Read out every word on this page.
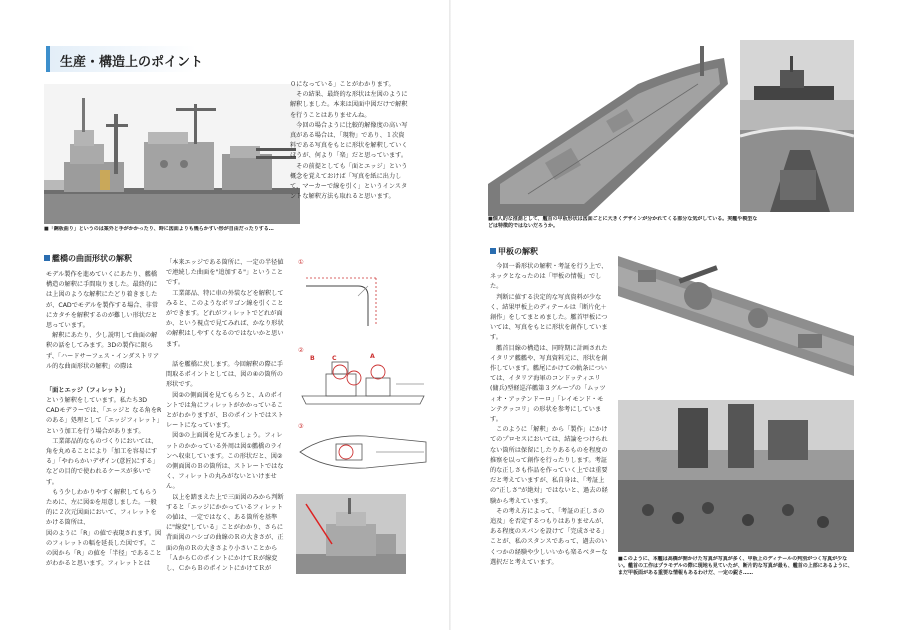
生産・構造上のポイント
■「鋼板曲り」というのは案外と手がかかったり、時に図面よりも幾らかすい形が自由だったりする…
艦橋の曲面形状の解釈
モデル製作を進めていくにあたり、艦橋構造の解釈に手間取りました。最終的には上図のような解釈にたどり着きましたが、CADでモデルを製作する場合、非常にカタチを解釈するのが難しい形状だと思っています。
　解釈にあたり、少し説明して曲面の解釈の話をしてみます。3Dの製作に限らず、「ハードサーフェス・インダストリアル的な曲面形状の解釈」の際は
「面とエッジ（フィレット）」
という解釈をしています。私たち3D CADモデラーでは、「エッジと なる角をRのある」処理として「エッジフィレット」という加工を行う場合があります。
　工業部品的なものづくりにおいては、角を丸めることにより「加工を容易にする」「やわらかいデザイン(意匠)にする」などの目的で使われるケースが多いです。
　もう少しわかりやすく解釈してもらうために、左に図①を用意しました。一般的に２次元図面において、フィレットをかける箇所は、
図のように「R」の値で表現されます。図のフィレットの幅を延長した図です。この図から「R」の値を「半径」であることがわかると思います。フィレットとは
「本来エッジである箇所に、一定の半径値で連続した曲面を"追加する"」ということです。
　工業部品、特に車の外装などを解釈してみると、このようなポリゴン線を引くことができます。どれがフィレットでどれが面か、という視点で見てみれば、かなり形状の解釈はしやすくなるのではないかと思います。

　話を艦橋に戻します。今回解釈の際に手間取るポイントとしては、図の④の箇所の形状です。
　図②の側面図を見てもらうと、Ａのポイントでは角にフィレットがかかっていることがわかりますが、Ｂのポイントではストレートになっています。
　図③の上面図を見てみましょう。フィレットのかかっている外周は図①艦橋のラインへ収束しています。この形状だと、図②の側面図のＢの箇所は、ストレートではなく、フィレットの丸みがないといけません。
　以上を踏まえた上で三面図のみから判断すると「エッジにかかっているフィレットの値は、一定ではなく、ある箇所を基準に"線変"している」ことがわかり、さらに背面図のハシゴの曲線のＲの大きさが、正面の角のＲの大きさより小さいことから
「ＡからＣのポイントにかけてＲが線変し、ＣからＢのポイントにかけてＲが
①
②
B	C	A
③
０になっている」ことがわかります。
　その結果、最終的な形状は左図のように解釈しました。本来は図面中図だけで解釈を行うことはありませんね。
　今回の場合ように比較的解像度の高い写真がある場合は、「現物」であり、１次資料である写真をもとに形状を解釈していくほうが、何より「楽」だと思っています。
　その前提としても「面とエッジ」という概念を覚えておけば「写真を紙に出力して、マーカーで線を引く」というインスタントな解釈方法も取れると思います。
■個人的な推測として、艦首の甲板形状は図面ごとに大きくデザインが分かれてくる部分な気がしている。実艦や模型などは特徴的ではないだろうか。
甲板の解釈
　今回一番形状の解釈・考証を行う上で、ネックとなったのは「甲板の情報」でした。
　判断に値する決定的な写真資料が少なく、結果甲板上のディテールは「断片化＋創作」をしてまとめました。艦首甲板については、写真をもとに形状を創作しています。
　艦首目線の構造は、同時期に計画されたイタリア艦艦や、写真資料元に、形状を創作しています。艦尾にかけての軌条については、イタリア海軍のコンドッティエリ(傭兵)型軽巡洋艦第３グループの「ムッツィオ・アッテンドーロ」「レイモンド・モンテクッコリ」の形状を参考にしています。
　このように「解釈」から「製作」にかけてのプロセスにおいては、結論をつけられない箇所は保留にしたりあるものを程度の推察を以って創作を行ったりします。考証的な正しさも作品を作っていく上では重要だと考えていますが、私自身は、「考証上の“正しさ”が絶対」ではないと、過去の経験から考えています。
　その考え方によって、「考証の正しさの追及」を否定するつもりはありませんが、ある程度のスパンを設けて「完成させる」ことが、私のスタンスであって、過去のいくつかの経験や少しいいかも楽るべターな選択だと考えています。	■このように、本艦は高橋が開かけた写真が写真が多く、甲板上のディテールの判別がつく写真が少ない。艦首の工作はプラモデルの際に現地も見ていたが、断片的な写真が最も、艦首の上部にあるように、まだ甲板面がある重要な情報もあるわけだ、一定の鋭さ……
